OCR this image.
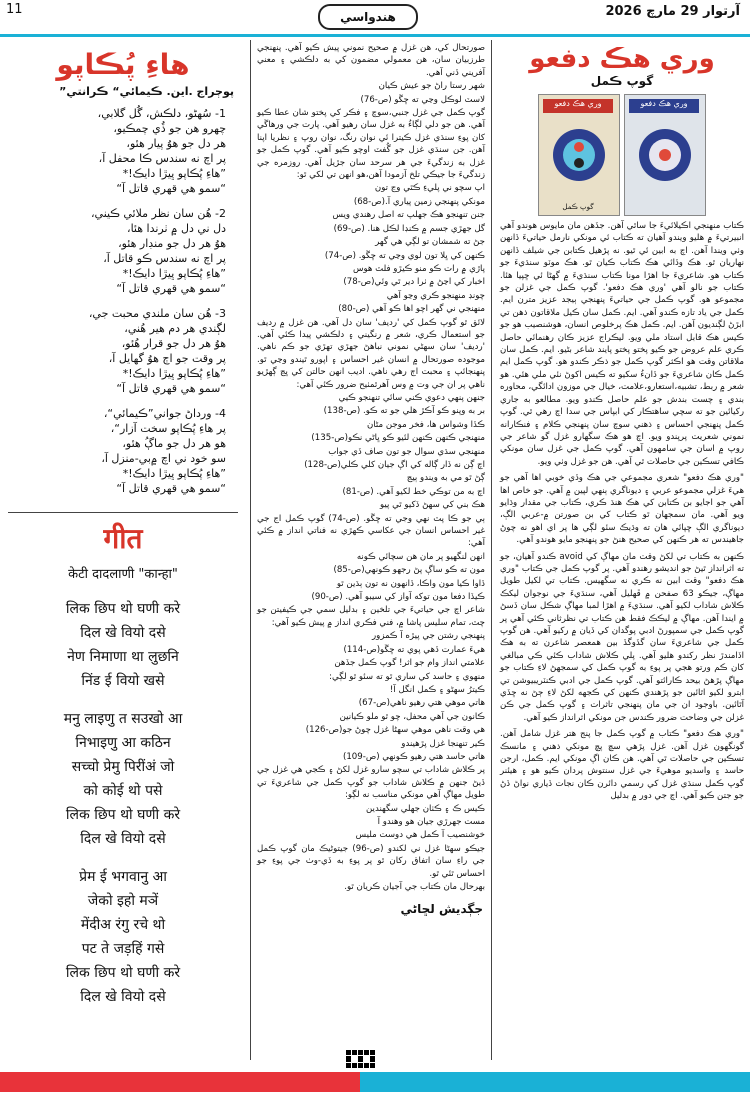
11	هندواسي	آرتوار 29 مارچ 2026
هاءِ پُڪاپو
پوڄراج .اين. ڪيمائي“ ڪرانتي”
1- سُهڻو، دلڪش، گُل گلابي،
چهرو هن جو ڏُي چمڪيو،
هر دل جو هوُ پيار هئو،
پر اچ نه سندس ڪا محفل آ،
”هاءِ پُڪاپو ڀيڙا دايڪ!*
“سمو هي قهري قاتل آ“
2- هُن سان نظر ملائي ڪيني،
دل ني دل ۾ ٺرندا هئا،
هوُ هر دل جو منڊار هئو،
پر اچ نه سندس ڪو قاتل آ،
”هاءِ پُڪاپو ڀيڙا دايڪ!*
“سمو هي قهري قاتل آ“
3- هُن سان ملندي محبت جي،
لڳندي هر دم هير هُني،
هوُ هر دل جو قرار هُئو،
پر وقت جو اڄ هوُ گهايل آ،
”هاءِ پُڪاپو ڀيڙا دايڪ!*
“سمو هي قهري قاتل آ“
4- ورداڻ جواني”ڪيمائي“،
پر هاءِ پُڪاپو سخت آزار“،
هو هر دل جو ماڳُ هئو،
سو خود ني اچ ۾بي-منزل آ،
”هاءِ پُڪاپو ڀيڙا دايڪ!*
“سمو هي قهري قاتل آ“
गीत
केटी दादलाणी "कान्हा"
लिक छिप थो घणी करे
दिल खे वियो दसे
नेण निमाणा था लुछनि
निंड ई वियो खसे
मनु लाइणु त सउखो आ
निभाइणु आ कठिन
सच्चो प्रेमु पिरींअं जो
को कोई थो पसे
लिक छिप थो घणी करे
दिल खे वियो दसे
प्रेम ई भगवानु आ
जेको इहो मञें
मेंदीअ रंगु रचे थो
पट ते जड़हिं गसे
लिक छिप थो घणी करे
दिल खे वियो दसे
صورتحال کي، هن غزل ۾ صحيح نموني پيش ڪيو آهي. پنهنجي طرزبيان سان، هن معمولي مضمون کي به دلڪشي ۽ معني آفريني ڏني آهي.
شهر رستا راڻ جو عيش ڪيان
لاسٽ لوڪل وڃي ته ڇڱو (ص-76)
گوپ ڪمل جي غزل جنبي،سوچ ۽ فڪر کي پختو شان عطا ڪيو آهي. هن جو دلي لڳاءُ به غزل سان رهيو آهي. پارت جي ورهاڱي کان پوءِ سنڌي غزل ڪيترا ئي نوان رنگ، نوان روپ ۽ نظريا اپنا آهن. جن سنڌي غزل جو گُفٽ اوچو ڪيو آهي. گوپ ڪمل جو غزل به زندگيءَ جي هر سرحد سان جڙيل آهي. روزمره جي زندگيءَ جا جيڪي تلخ آزمودا آهن،هو انهن تي لکي ٿو:
اپ سچو ني پليءِ ڪٿي وڃ تون
مونکي پنهنجي زمين پياري آ.(ص-68)
جنن تنهنجو هڪ جهلپ ته اصل رهندي ويس
گل جهڙي جسم ۾ ڪنڊا لڪل هنا. (ص-69)
جڻ ته شمشان تو لڳي هي گهر
ڪنهن کي ڀلا تون لوي وڃي ته ڇڱو. (ص-74)
پاڙي ۾ رات ڪو منو ڪيڙو فلٽ هوس
اخبار کي اڃڻ ۾ ٺرا دير ٿي وئي(ص-78)
چونڊ منهنجو ڪري وڃو آهي
منهنجي ني گهر اچو اها ڪو آهي (ص-80)
لائق ٿو گوپ ڪمل کي 'رديف' سان دل آهي. هن غزل ۾ رديف جو استعمال ڪري، شعر ۾ رنگيني ۽ دلڪشي پيدا ڪئي آهي. 'رديف' سان سهڻي نموني نباهڻ جهڙي تهڙي جو ڪم ناهي. موجوده صورتحال ۾ انسان غير احساس ۽ اپورو ٿيندو وڃي ٿو. پنهنجائپ ۽ محبت اڄ رهي ناهي. اديب انهن حالتن کي ڀڃ ڳهڙيو ناهي پر ان جي وت ۾ وس آهرٿمٺيح ضرور ڪئي آهي:
جنهن پنهي دعوي ڪني سائي تنهنجو ڪيي
بر به وپنو ڪو آڪڙ هلي جو ته ڪو. (ص-138)
ڪڏا وشواس ها، فخر موجن مڻان
منهنجي ڪنهن ڪنهن لئيو ڪو ڀاڻي نڪو(ص-135)
منهنجي سڌي سوال جو تون صاف ڏي جواب
اچ ڳن نه ڏار ڳاله کي اڳ جيان کلي ڪلي(ص-128)
ڳڻ ٿو مي به ويندو ٻيڃ
اچ به من توڪي خط لکيو آهي. (ص-81)
هڪ بني کي سهڻ ڏکيو ٿي پيو
ٻي جو ڪا پٽ نهي وجي ته ڇڱو. (ص-74) گوپ ڪمل اج جي غير احساس انسان جي عکاسي ڪهڙي نه فناتي انداز ۾ ڪئي آهي:
انهن لنگهيو پر مان هن سچائي ڪونه
مون ته ڪو ساڳ پڻ رجهو ڪونهي(ص-85)
ڏاوا ڪيا مون واڪا، ڏانهون نه تون ٻڌين ٿو
ڪيڏا دفعا مون توکه آواز کي سيبو آهي. (ص-90)
شاعر اچ جي حياتيءَ جي تلخين ۽ بدليل سمي جي ڪيفيتن جو چٽ، تمام سليس پاشا ۾، فني فڪري انداز ۾ پيش ڪيو آهي:
پنهنجي رشتن جي پيڙه آ ڪمزور
هيءَ عمارت ڏهي پوي ته ڇڱو(ص-114)
علامتي انداز وام جو اثر! گوپ ڪمل جڏهن
منهوي ۽ حاسد کي ساري ٿو ته سئو ٿو لڳي:
ڪيترُ سهڻو ۽ ڪمل انگل آ!
هاتي موهي هتي رهيو ناهي(ص-67)
ڪانون جي آهي محفل، چو ٿو ملو ڪيانين
هي وقت ناهي موهي سهڻا غزل چوڻ جو(ص-126)
ڪير تنهنجا غزل پڙهيندو
هاتي حاسد هتي رهيو ڪونهي (ص-109)
پر ڪلاش شاداب تي سچو سارو غزل لکڻ ۽ ڪجي هي غزل جي ڏيڻ جنهن ۾ ڪلاش شاداب جو گوپ ڪمل جي شاعريءَ تي طويل مهاڳ آهي مونکي مناسب نه لڳو:
ڪيس ڪ ۽ ڪٺان جهلي سگهندين
مست جهرڙي جيان هو وهندو آ
خوشنصيب آ ڪمل هي دوست مليس
جيڪو سهڻا غزل ني لکندو (ص-96) جيتوڻيڪ مان گوپ ڪمل جي راءِ سان اتفاق رکان ٿو پر پوءِ به ڏي-وٺ جي پوءِ جو احساس ٿئي ٿو.
بهرحال مان ڪتاب جي آجيان ڪريان ٿو.
جڳديش لڇاڻي
وري هڪ دفعو
گوپ ڪمل
وري هڪ دفعو
گوپ ڪمل
وري هڪ دفعو
ڪتاب منهنجي اڪيلائيءَ جا ساٿي آهن. جڏهن مان مايوس هوندو آهي انبيرتيءَ ۾ هليو ويندو آهيان ته ڪتاب ئي مونکي نارمل حياتيءَ ڏانهن وٺي ويندا آهن. اچ به ابين ئي ٿيو. نه پڙهيل ڪتابن جي شيلف ڏانهن نهاريان ٿو. هڪ وڏائي هڪ ڪتاب ڪيان ٿو. هڪ موٽو سنڌيءَ جو ڪتاب هو. شاعريءَ جا اهڙا مونا ڪتاب سنڌيءَ ۾ گهڻا ئي ڇپيا هئا. ڪتاب جو نالو آهي 'وري هڪ دفعو'. گوپ ڪمل جي غزلن جو مجموعو هو. گوپ ڪمل جي حياتيءَ پنهنجي ٻيجد عزيز مترن ايم. ڪمل جي ياد تازه ڪندو آهي. ايم. ڪمل سان ڪيل ملاقاتون ذهن تي ابڙڻ لڳنديون آهن. ايم. ڪمل هڪ پرخلوص انسان، هوشنصيب هو جو ڪيس هڪ قابل استاد ملي ويو. ليڪراج عزيز ڪان رهنمائي حاصل ڪري علم عروض جو ڪيو پختو پختو پايند شاعر بڻيو. ايم. ڪمل سان ملاقاتن وقت هو اڪثر گوپ ڪمل جو ذڪر ڪندو هو. گوپ ڪمل ايم ڪمل ڪان شاعريءَ جو ڏانءُ سکيو ته ڪيس اکوڻ نئي ملي هئي. هو شعر ۾ ربط، تشبيه،استعارو،علامت، خيال جي موزون ادائگي، محاوره بندي ۽ چست بندش جو علم حاصل ڪندو ويو. مطالعو به جاري رکيائين جو ته سچي ساهتڪار کي ابپاس جي سدا اچ رهي ٿي. گوپ ڪمل پنهنجي احساس ۽ ذهني سوچ سان پنهنجي ڪلام ۽ فنڪارانه نموني شعريت پرپندو ويو. اچ هو هڪ سگهارو غزل گو شاعر جي روپ ۾ اسان جي سامهون آهي. گوپ ڪمل جي غزل سان مونکي ڪافي تسڪين جي حاصلات ٿي آهي. هن جو غزل وٺي ويو.
"وري هڪ دفعو" شعري مجموعي جي هڪ وڏي خوبي اها آهي جو هيءَ غزلي مجموعو عربي ۽ ديوناگري ٻنهي لپين ۾ آهي. جو خاص اها آهي جو اجايو بن ڪتابن کي هڪ هنڌ ڪري، ڪتاب جي مقدار وڌايو ويو آهي. مان سمجهان ٿو ڪتاب کي بن صورتن ۾-عربي الڳ، ديوناگري الڳ ڇپائي هان ته وڌيڪ سئو لڳي ها پر اي اهو نه چوڻ جاهيندس ته هر ڪنهن کي صحيح هنڻ جو پنهنجو مايو هوندو آهي.
ڪنهن به ڪتاب تي لکڻ وقت مان مهاڳ کي avoid ڪندو آهيان، جو ته اثرانداز ٿيڻ جو انديشو رهندو آهي. پر گوپ ڪمل جي ڪتاب "وري هڪ دفعو" وقت ابين نه ڪري نه سگهيس. ڪتاب تي لکيل طويل مهاڳ، جيڪو 63 صفحن ۾ ڦهليل آهي، سنڌيءَ جي نوجوان ليکڪ ڪلاش شاداب لکيو آهي. سنڌيءَ ۾ اهڙا لمبا مهاڳ شڪل سان ڏسڻ ۾ ايندا آهن. مهاڳ ۾ ليڪڪ فقط هن ڪتاب تي نظرثاني ڪئي آهي پر گوپ ڪمل جي سمپورڻ ادبي پوگدان کي ڏيان ۾ رکيو آهي. هن گوپ ڪمل جي شاعريءَ سان گڏوگڏ بين همعصر شاعرن ته به هڪ اڏامندڙ نظر رکندو هليو آهي. پلي ڪلاش شاداب ڪئي ڪي مبالغي کان ڪم ورتو هجي پر پوءِ به گوپ ڪمل کي سمجهڻ لاءِ ڪتاب جو مهاڳ پڙهڻ بيحد ڪارائتو آهي. گوپ ڪمل جي ادبي ڪنٽريبيوشن تي ابترو لکيو اٿائين جو پڙهندي ڪنهن کي ڪجهه لکڻ لاءِ ڄڻ نه ڇڏي آٿائين. باوجود ان جي مان پنهنجي تاثرات ۽ گوپ ڪمل جي ڪن غزلن جي وضاحت ضرور ڪندس جن مونکي اثرانداز ڪيو آهي.
"وري هڪ دفعو" ڪتاب ۾ گوپ ڪمل جا پنج هتر غزل شامل آهن. گونگهون غزل آهن. غزل پڙهي سچ پچ مونکي ذهني ۽ مانسڪ تسڪين جي حاصلات ٿي آهي. هن ڪان اڳ مونکي ايم. ڪمل، ارجن حاسد ۽ واسديو موهيءَ جي غزل سنتوش پردان ڪيو هو ۽ هيئنر گوپ ڪمل سنڌي غزل کي رسمي دائرن ڪان نجات ڏياري نواڻ ڏڻ جو جتن ڪيو آهي. اچ جي دور ۾ بدليل
